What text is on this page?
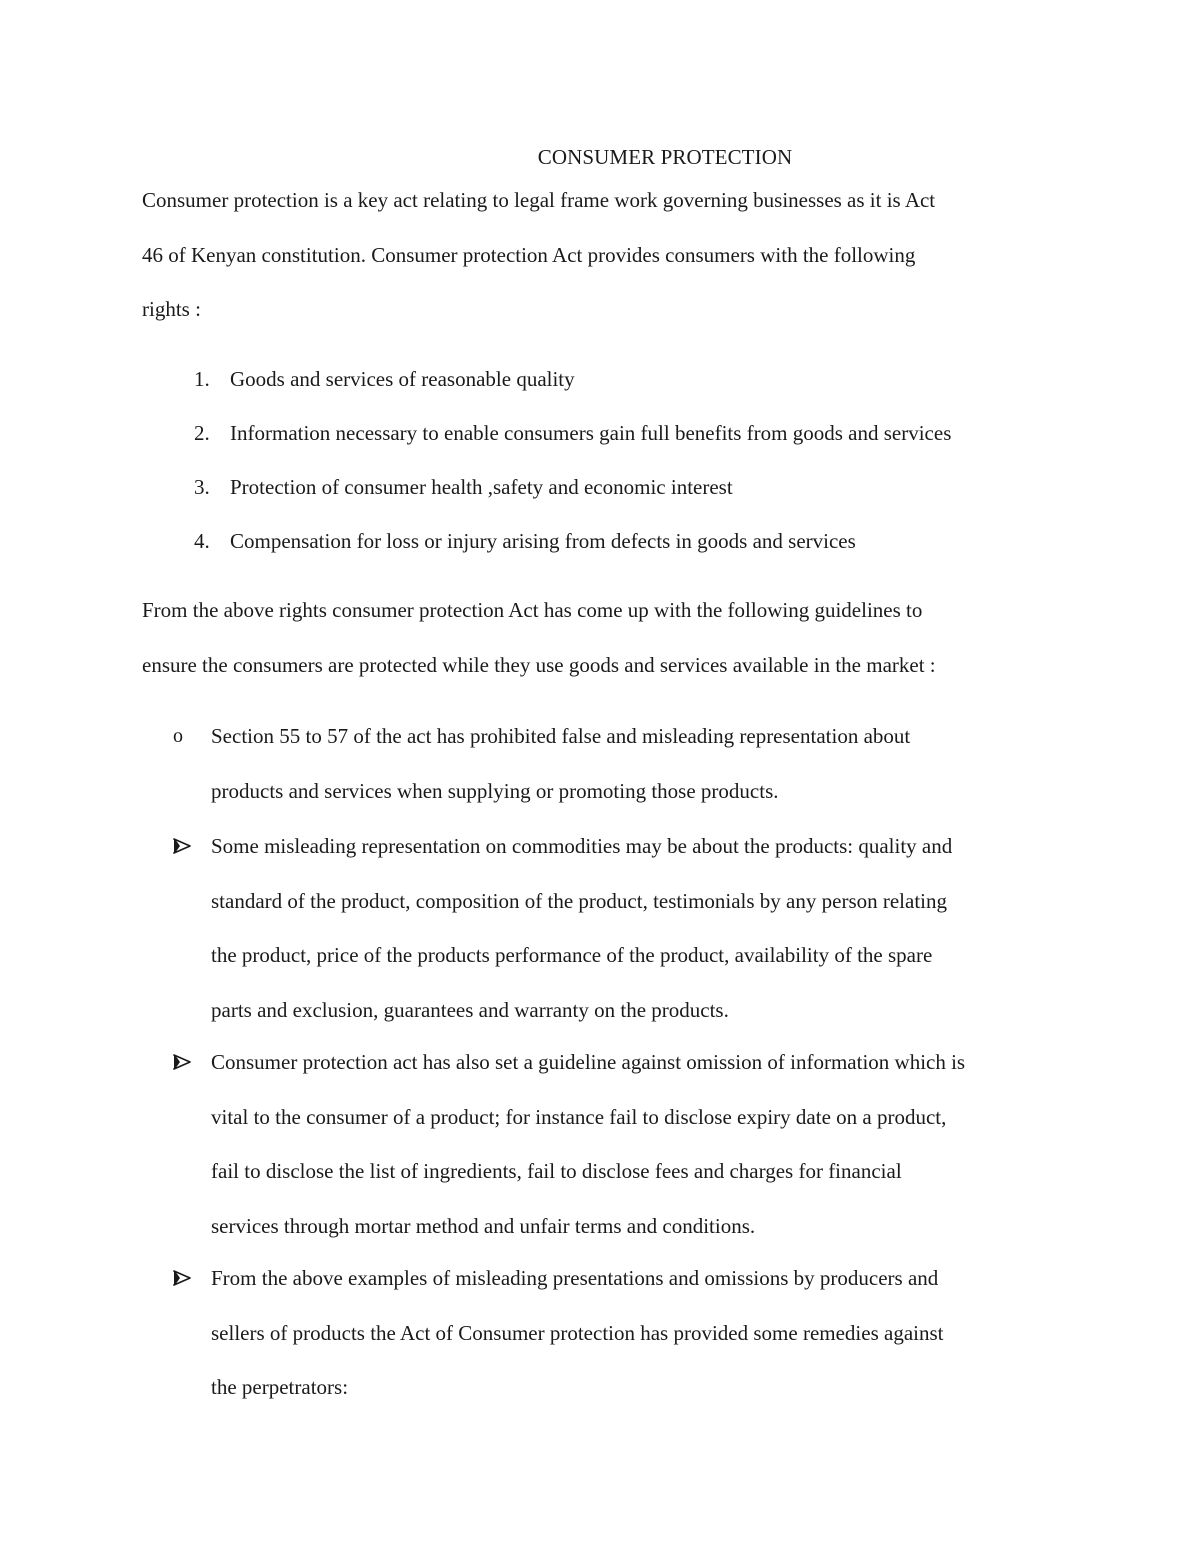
CONSUMER PROTECTION

Consumer protection is a key act relating to legal frame work governing businesses as it is Act
46 of Kenyan constitution. Consumer protection Act provides consumers with the following
rights :

1. Goods and services of reasonable quality
2. Information necessary to enable consumers gain full benefits from goods and services
3. Protection of consumer health ,safety and economic interest
4. Compensation for loss or injury arising from defects in goods and services

From the above rights consumer protection Act has come up with the following guidelines to
ensure the consumers are protected while they use goods and services available in the market :

o	Section 55 to 57 of the act has prohibited false and misleading representation about
products and services when supplying or promoting those products.
Some misleading representation on commodities may be about the products: quality and
standard of the product, composition of the product, testimonials by any person relating
the product, price of the products performance of the product, availability of the spare
parts and exclusion, guarantees and warranty on the products.
Consumer protection act has also set a guideline against omission of information which is
vital to the consumer of a product; for instance fail to disclose expiry date on a product,
fail to disclose the list of ingredients, fail to disclose fees and charges for financial
services through mortar method and unfair terms and conditions.
From the above examples of misleading presentations and omissions by producers and
sellers of products the Act of Consumer protection has provided some remedies against
the perpetrators:
